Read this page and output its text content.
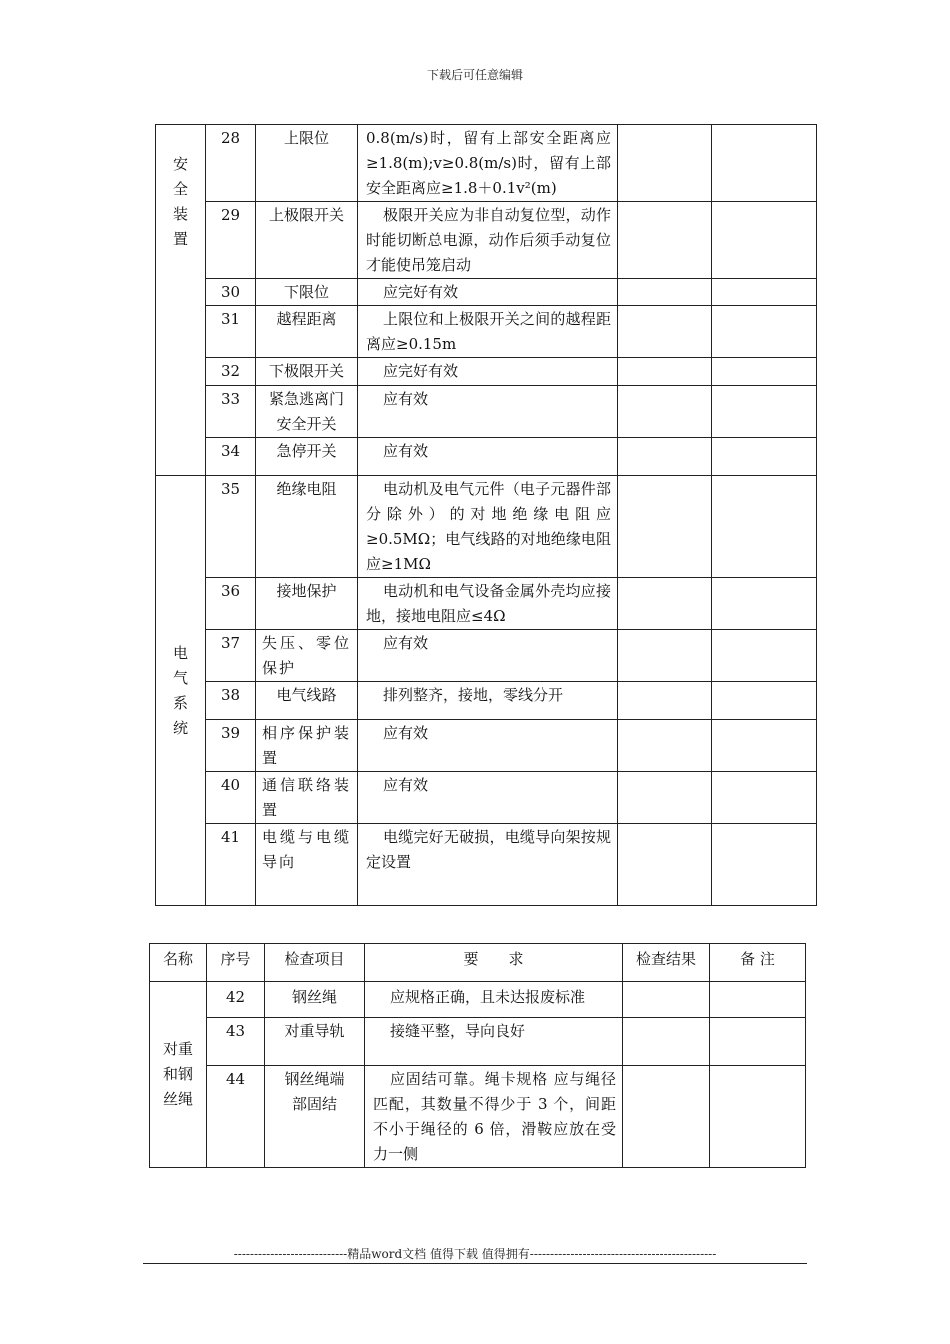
下载后可任意编辑
安全装置	28	上限位	0.8(m/s)时，留有上部安全距离应≥1.8(m);v≥0.8(m/s)时，留有上部安全距离应≥1.8＋0.1v²(m)		
	29	上极限开关	极限开关应为非自动复位型，动作时能切断总电源，动作后须手动复位才能使吊笼启动		
	30	下限位	应完好有效		
	31	越程距离	上限位和上极限开关之间的越程距离应≥0.15m		
	32	下极限开关	应完好有效		
	33	紧急逃离门安全开关	应有效		
	34	急停开关	应有效		
电气系统	35	绝缘电阻	电动机及电气元件（电子元器件部分除外）的对地绝缘电阻应≥0.5MΩ；电气线路的对地绝缘电阻应≥1MΩ		
	36	接地保护	电动机和电气设备金属外壳均应接地，接地电阻应≤4Ω		
	37	失压、零位保护	应有效		
	38	电气线路	排列整齐，接地，零线分开		
	39	相序保护装置	应有效		
	40	通信联络装置	应有效		
	41	电缆与电缆导向	电缆完好无破损，电缆导向架按规定设置		
名称	序号	检查项目	要　　求	检查结果	备 注
对重和钢丝绳	42	钢丝绳	应规格正确，且未达报废标准		
	43	对重导轨	接缝平整，导向良好		
	44	钢丝绳端部固结	应固结可靠。绳卡规格 应与绳径匹配，其数量不得少于 3 个，间距不小于绳径的 6 倍，滑鞍应放在受力一侧		
----------------------------精品word文档 值得下载 值得拥有----------------------------------------------
